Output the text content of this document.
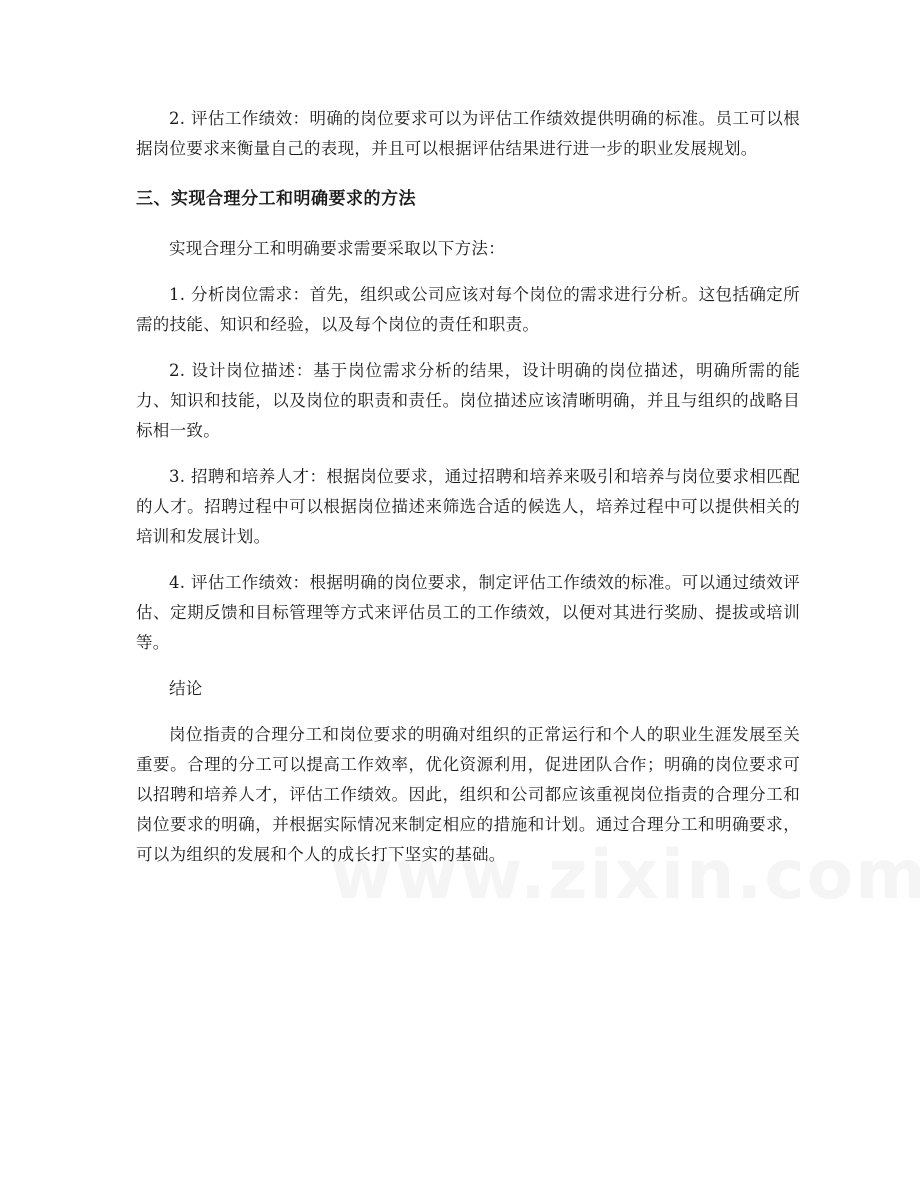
2. 评估工作绩效：明确的岗位要求可以为评估工作绩效提供明确的标准。员工可以根据岗位要求来衡量自己的表现，并且可以根据评估结果进行进一步的职业发展规划。

三、实现合理分工和明确要求的方法

实现合理分工和明确要求需要采取以下方法：

1. 分析岗位需求：首先，组织或公司应该对每个岗位的需求进行分析。这包括确定所需的技能、知识和经验，以及每个岗位的责任和职责。

2. 设计岗位描述：基于岗位需求分析的结果，设计明确的岗位描述，明确所需的能力、知识和技能，以及岗位的职责和责任。岗位描述应该清晰明确，并且与组织的战略目标相一致。

3. 招聘和培养人才：根据岗位要求，通过招聘和培养来吸引和培养与岗位要求相匹配的人才。招聘过程中可以根据岗位描述来筛选合适的候选人，培养过程中可以提供相关的培训和发展计划。

4. 评估工作绩效：根据明确的岗位要求，制定评估工作绩效的标准。可以通过绩效评估、定期反馈和目标管理等方式来评估员工的工作绩效，以便对其进行奖励、提拔或培训等。

结论

岗位指责的合理分工和岗位要求的明确对组织的正常运行和个人的职业生涯发展至关重要。合理的分工可以提高工作效率，优化资源利用，促进团队合作；明确的岗位要求可以招聘和培养人才，评估工作绩效。因此，组织和公司都应该重视岗位指责的合理分工和岗位要求的明确，并根据实际情况来制定相应的措施和计划。通过合理分工和明确要求，可以为组织的发展和个人的成长打下坚实的基础。
